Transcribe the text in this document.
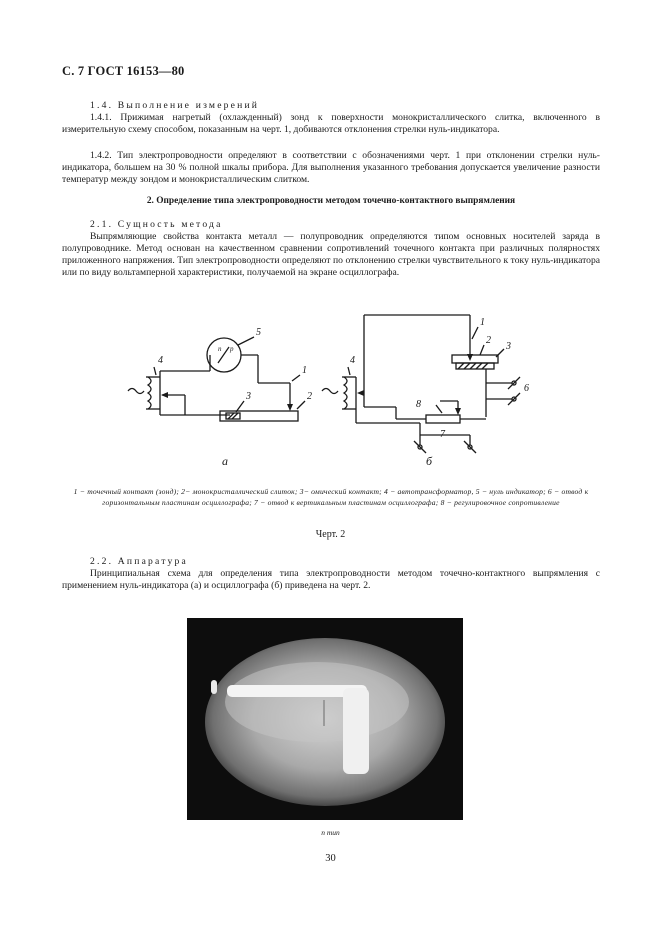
С. 7 ГОСТ 16153—80
1.4. Выполнение измерений
1.4.1. Прижимая нагретый (охлажденный) зонд к поверхности монокристаллического слитка, включенного в измерительную схему способом, показанным на черт. 1, добиваются отклонения стрелки нуль-индикатора.
1.4.2. Тип электропроводности определяют в соответствии с обозначениями черт. 1 при отклонении стрелки нуль-индикатора, большем на 30 % полной шкалы прибора. Для выполнения указанного требования допускается увеличение разности температур между зондом и монокристаллическим слитком.
2. Определение типа электропроводности методом точечно-контактного выпрямления
2.1. Сущность метода
Выпрямляющие свойства контакта металл — полупроводник определяются типом основных носителей заряда в полупроводнике. Метод основан на качественном сравнении сопротивлений точечного контакта при различных полярностях приложенного напряжения. Тип электропроводности определяют по отклонению стрелки чувствительного к току нуль-индикатора или по виду вольтамперной характеристики, получаемой на экране осциллографа.
4
5
n p
1
2
3
а
4
1
2
3
6
7
8
б
1 − точечный контакт (зонд); 2− монокристаллический слиток; 3− омический контакт; 4 − автотрансформатор, 5 − нуль индикатор; 6 − отвод к горизонтальным пластинам осциллографа; 7 − отвод к вертикальным пластинам осциллографа; 8 − регулировочное сопротивление
Черт. 2
2.2. Аппаратура
Принципиальная схема для определения типа электропроводности методом точечно-контактного выпрямления с применением нуль-индикатора (а) и осциллографа (б) приведена на черт. 2.
n тип
30
